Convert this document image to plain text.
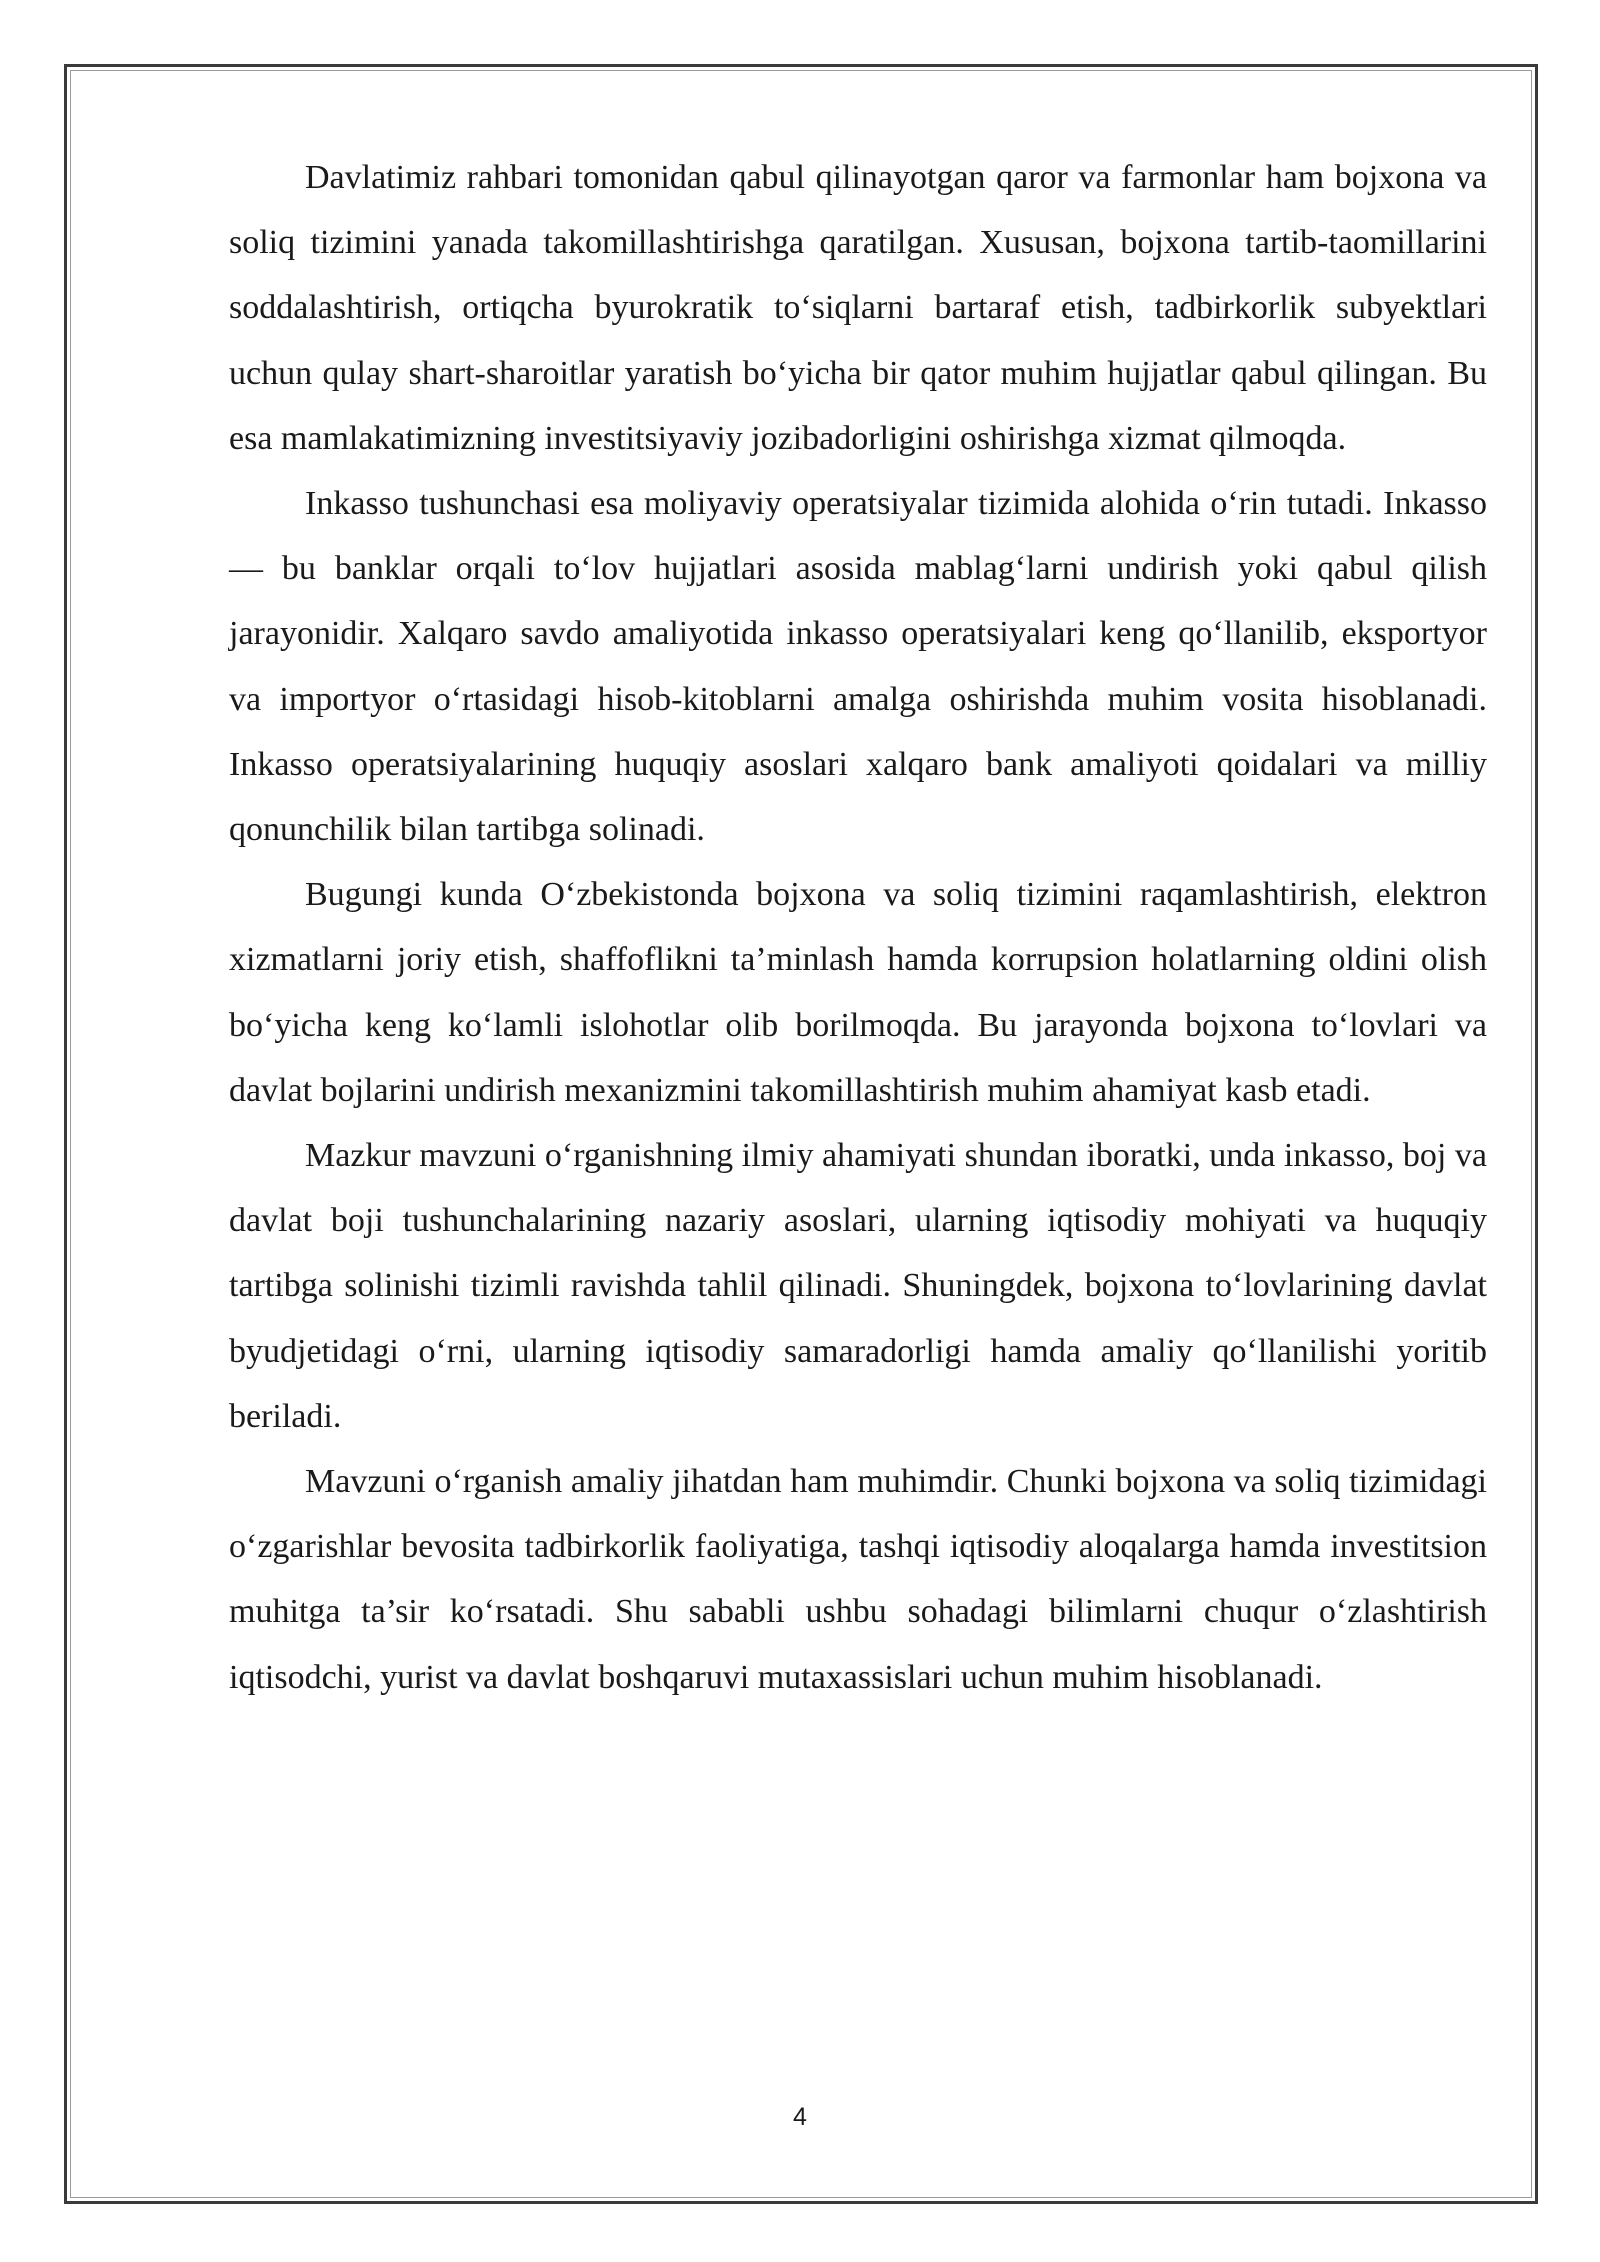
Davlatimiz rahbari tomonidan qabul qilinayotgan qaror va farmonlar ham bojxona va soliq tizimini yanada takomillashtirishga qaratilgan. Xususan, bojxona tartib-taomillarini soddalashtirish, ortiqcha byurokratik to‘siqlarni bartaraf etish, tadbirkorlik subyektlari uchun qulay shart-sharoitlar yaratish bo‘yicha bir qator muhim hujjatlar qabul qilingan. Bu esa mamlakatimizning investitsiyaviy jozibadorligini oshirishga xizmat qilmoqda.

Inkasso tushunchasi esa moliyaviy operatsiyalar tizimida alohida o‘rin tutadi. Inkasso — bu banklar orqali to‘lov hujjatlari asosida mablag‘larni undirish yoki qabul qilish jarayonidir. Xalqaro savdo amaliyotida inkasso operatsiyalari keng qo‘llanilib, eksportyor va importyor o‘rtasidagi hisob-kitoblarni amalga oshirishda muhim vosita hisoblanadi. Inkasso operatsiyalarining huquqiy asoslari xalqaro bank amaliyoti qoidalari va milliy qonunchilik bilan tartibga solinadi.

Bugungi kunda O‘zbekistonda bojxona va soliq tizimini raqamlashtirish, elektron xizmatlarni joriy etish, shaffoflikni ta’minlash hamda korrupsion holatlarning oldini olish bo‘yicha keng ko‘lamli islohotlar olib borilmoqda. Bu jarayonda bojxona to‘lovlari va davlat bojlarini undirish mexanizmini takomillashtirish muhim ahamiyat kasb etadi.

Mazkur mavzuni o‘rganishning ilmiy ahamiyati shundan iboratki, unda inkasso, boj va davlat boji tushunchalarining nazariy asoslari, ularning iqtisodiy mohiyati va huquqiy tartibga solinishi tizimli ravishda tahlil qilinadi. Shuningdek, bojxona to‘lovlarining davlat byudjetidagi o‘rni, ularning iqtisodiy samaradorligi hamda amaliy qo‘llanilishi yoritib beriladi.

Mavzuni o‘rganish amaliy jihatdan ham muhimdir. Chunki bojxona va soliq tizimidagi o‘zgarishlar bevosita tadbirkorlik faoliyatiga, tashqi iqtisodiy aloqalarga hamda investitsion muhitga ta’sir ko‘rsatadi. Shu sababli ushbu sohadagi bilimlarni chuqur o‘zlashtirish iqtisodchi, yurist va davlat boshqaruvi mutaxassislari uchun muhim hisoblanadi.

4
